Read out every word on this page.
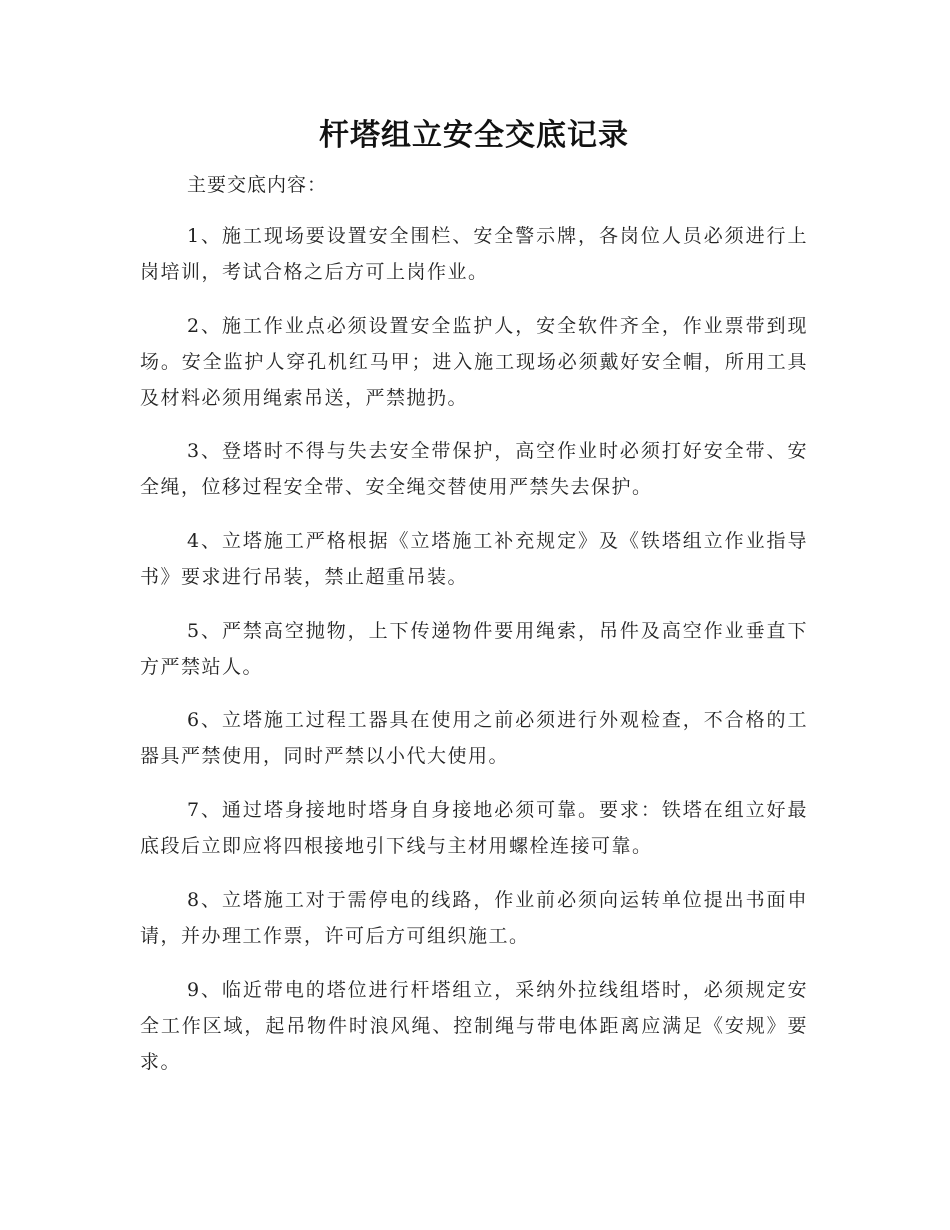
杆塔组立安全交底记录

主要交底内容：

1、施工现场要设置安全围栏、安全警示牌，各岗位人员必须进行上岗培训，考试合格之后方可上岗作业。

2、施工作业点必须设置安全监护人，安全软件齐全，作业票带到现场。安全监护人穿孔机红马甲；进入施工现场必须戴好安全帽，所用工具及材料必须用绳索吊送，严禁抛扔。

3、登塔时不得与失去安全带保护，高空作业时必须打好安全带、安全绳，位移过程安全带、安全绳交替使用严禁失去保护。

4、立塔施工严格根据《立塔施工补充规定》及《铁塔组立作业指导书》要求进行吊装，禁止超重吊装。

5、严禁高空抛物，上下传递物件要用绳索，吊件及高空作业垂直下方严禁站人。

6、立塔施工过程工器具在使用之前必须进行外观检查，不合格的工器具严禁使用，同时严禁以小代大使用。

7、通过塔身接地时塔身自身接地必须可靠。要求：铁塔在组立好最底段后立即应将四根接地引下线与主材用螺栓连接可靠。

8、立塔施工对于需停电的线路，作业前必须向运转单位提出书面申请，并办理工作票，许可后方可组织施工。

9、临近带电的塔位进行杆塔组立，采纳外拉线组塔时，必须规定安全工作区域，起吊物件时浪风绳、控制绳与带电体距离应满足《安规》要求。
